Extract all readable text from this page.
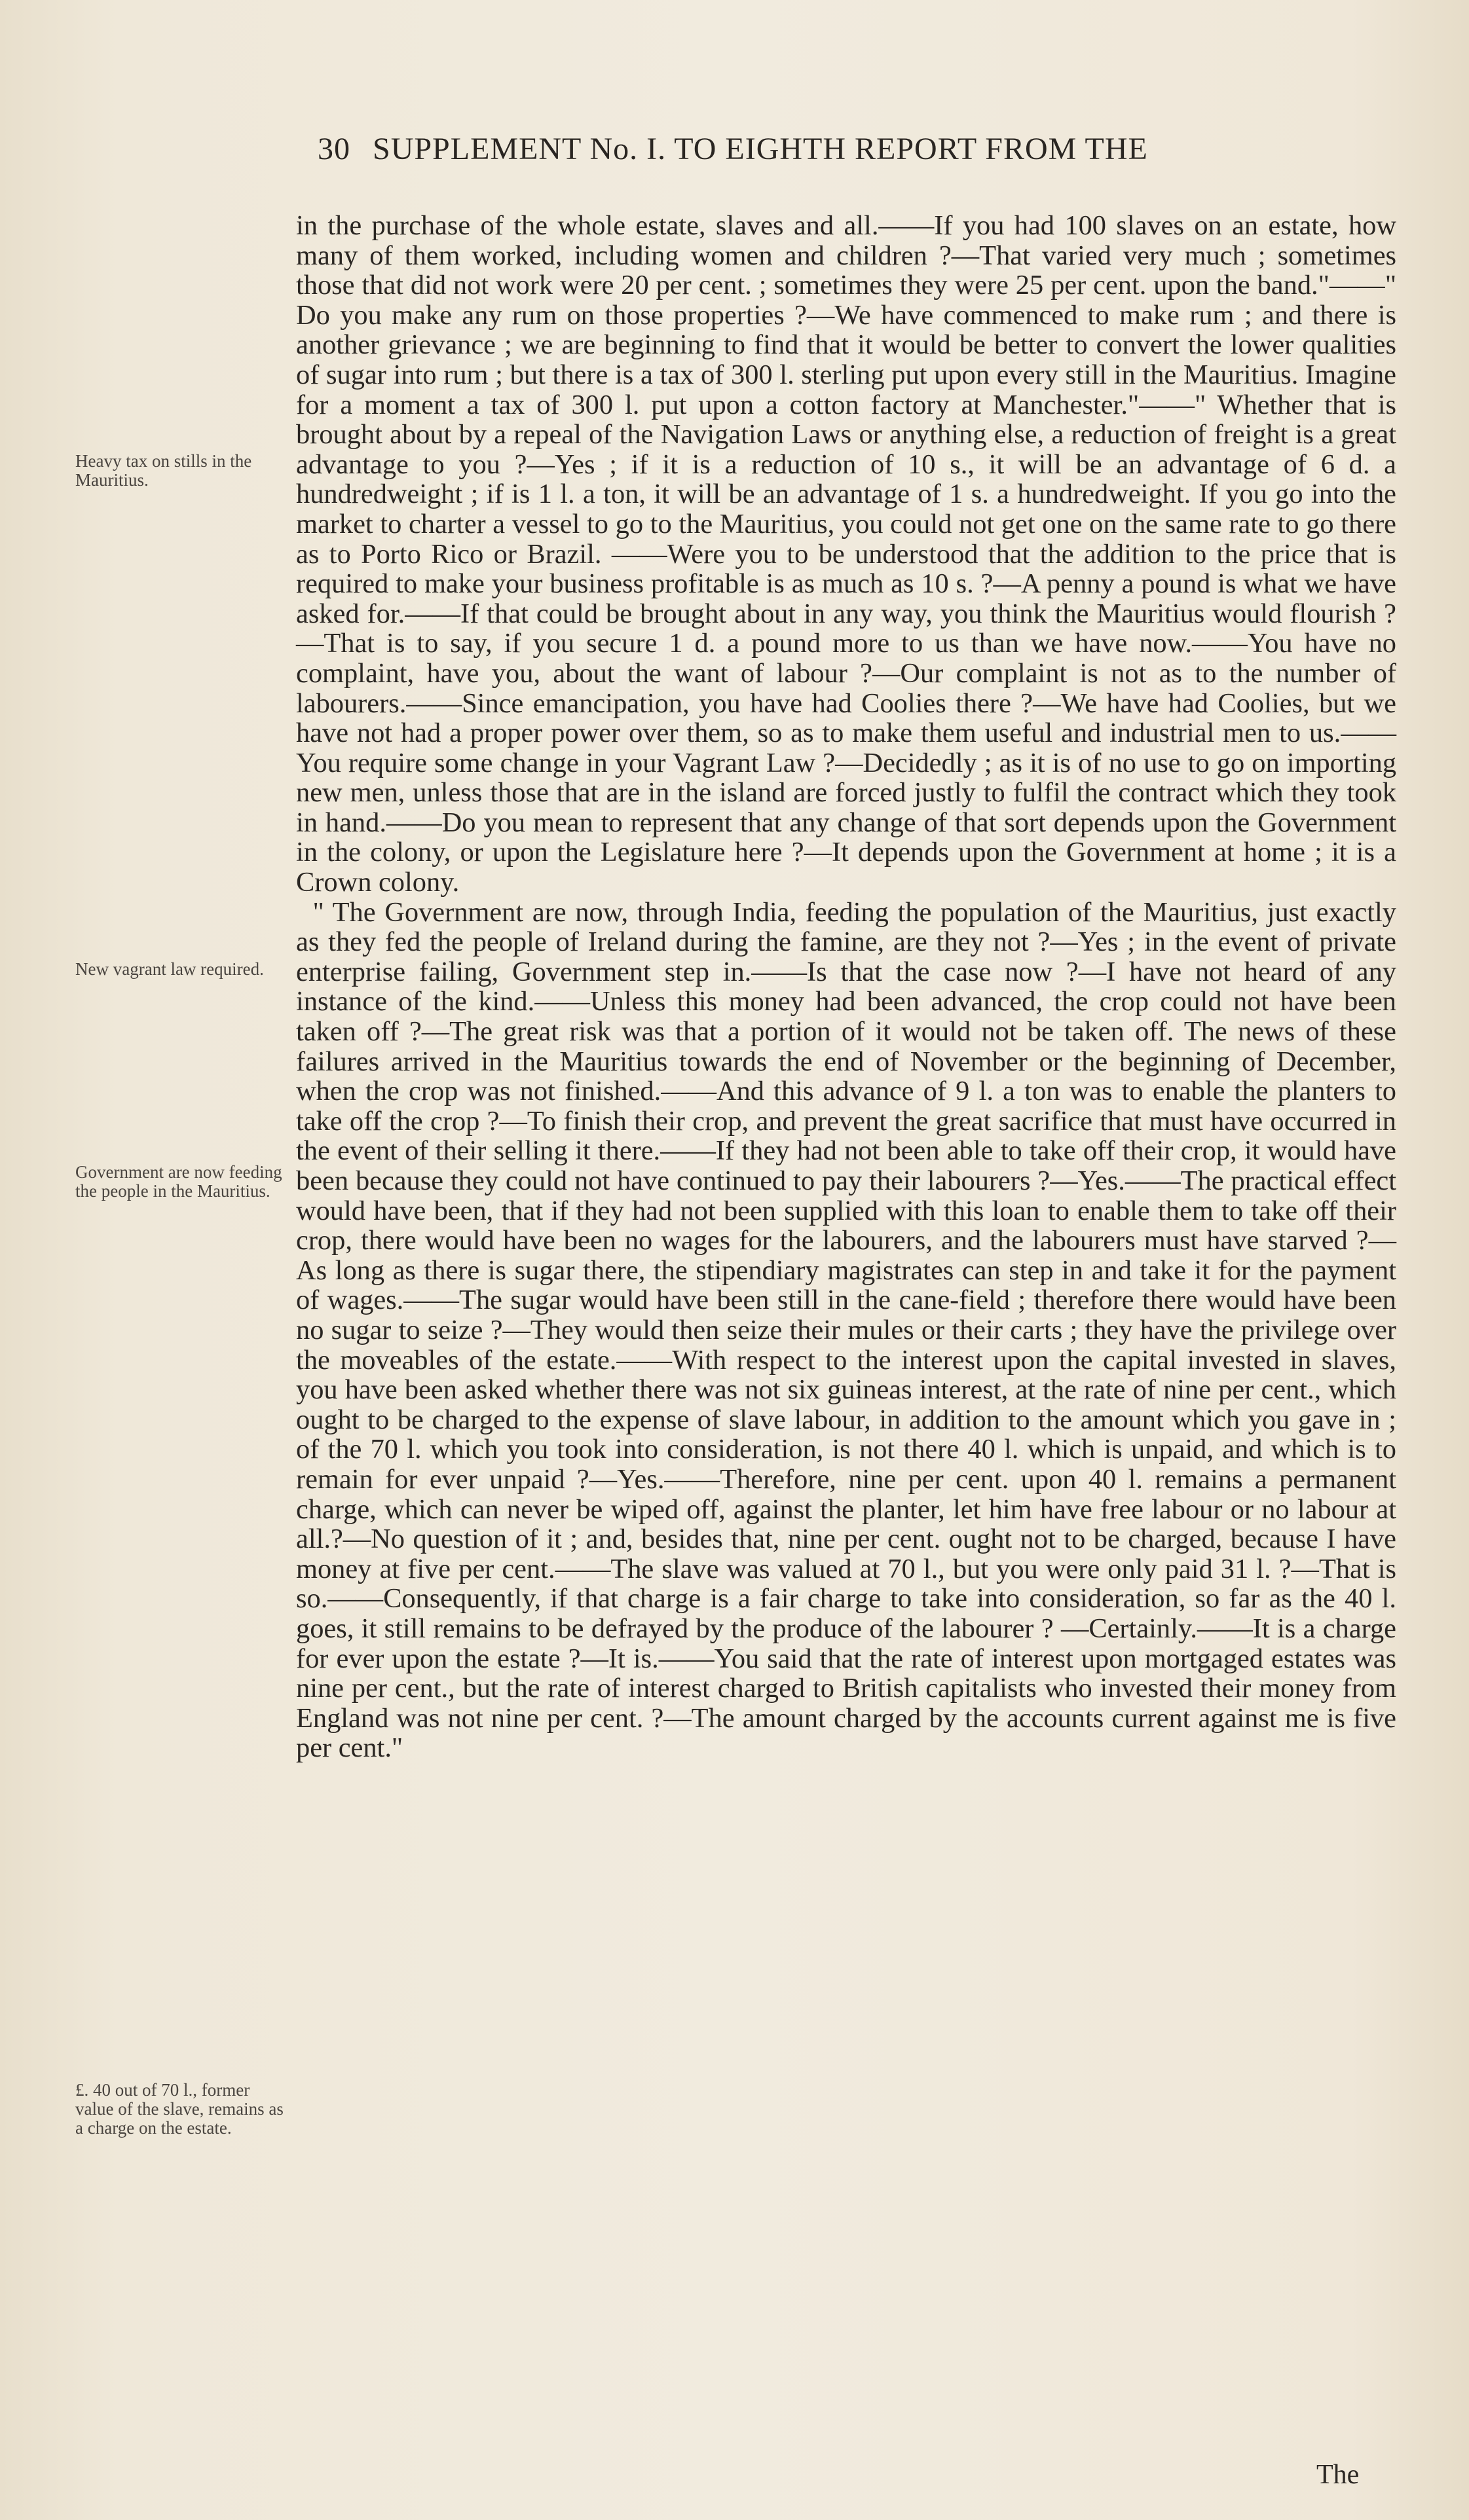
30 SUPPLEMENT No. I. TO EIGHTH REPORT FROM THE
Heavy tax on stills in the Mauritius.
New vagrant law required.
Government are now feeding the people in the Mauritius.
£. 40 out of 70 l., former value of the slave, remains as a charge on the estate.

in the purchase of the whole estate, slaves and all.——If you had 100 slaves on an estate, how many of them worked, including women and children ?—That varied very much ; sometimes those that did not work were 20 per cent. ; sometimes they were 25 per cent. upon the band."——" Do you make any rum on those properties ?—We have commenced to make rum ; and there is another grievance ; we are beginning to find that it would be better to convert the lower qualities of sugar into rum ; but there is a tax of 300 l. sterling put upon every still in the Mauritius. Imagine for a moment a tax of 300 l. put upon a cotton factory at Manchester."——" Whether that is brought about by a repeal of the Navigation Laws or anything else, a reduction of freight is a great advantage to you ?—Yes ; if it is a reduction of 10 s., it will be an advantage of 6 d. a hundredweight ; if is 1 l. a ton, it will be an advantage of 1 s. a hundredweight. If you go into the market to charter a vessel to go to the Mauritius, you could not get one on the same rate to go there as to Porto Rico or Brazil. ——Were you to be understood that the addition to the price that is required to make your business profitable is as much as 10 s. ?—A penny a pound is what we have asked for.——If that could be brought about in any way, you think the Mauritius would flourish ?—That is to say, if you secure 1 d. a pound more to us than we have now.——You have no complaint, have you, about the want of labour ?—Our complaint is not as to the number of labourers.——Since emancipation, you have had Coolies there ?—We have had Coolies, but we have not had a proper power over them, so as to make them useful and industrial men to us.——You require some change in your Vagrant Law ?—Decidedly ; as it is of no use to go on importing new men, unless those that are in the island are forced justly to fulfil the contract which they took in hand.——Do you mean to represent that any change of that sort depends upon the Government in the colony, or upon the Legislature here ?—It depends upon the Government at home ; it is a Crown colony.

" The Government are now, through India, feeding the population of the Mauritius, just exactly as they fed the people of Ireland during the famine, are they not ?—Yes ; in the event of private enterprise failing, Government step in.——Is that the case now ?—I have not heard of any instance of the kind.——Unless this money had been advanced, the crop could not have been taken off ?—The great risk was that a portion of it would not be taken off. The news of these failures arrived in the Mauritius towards the end of November or the beginning of December, when the crop was not finished.——And this advance of 9 l. a ton was to enable the planters to take off the crop ?—To finish their crop, and prevent the great sacrifice that must have occurred in the event of their selling it there.——If they had not been able to take off their crop, it would have been because they could not have continued to pay their labourers ?—Yes.——The practical effect would have been, that if they had not been supplied with this loan to enable them to take off their crop, there would have been no wages for the labourers, and the labourers must have starved ?—As long as there is sugar there, the stipendiary magistrates can step in and take it for the payment of wages.——The sugar would have been still in the cane-field ; therefore there would have been no sugar to seize ?—They would then seize their mules or their carts ; they have the privilege over the moveables of the estate.——With respect to the interest upon the capital invested in slaves, you have been asked whether there was not six guineas interest, at the rate of nine per cent., which ought to be charged to the expense of slave labour, in addition to the amount which you gave in ; of the 70 l. which you took into consideration, is not there 40 l. which is unpaid, and which is to remain for ever unpaid ?—Yes.——Therefore, nine per cent. upon 40 l. remains a permanent charge, which can never be wiped off, against the planter, let him have free labour or no labour at all.?—No question of it ; and, besides that, nine per cent. ought not to be charged, because I have money at five per cent.——The slave was valued at 70 l., but you were only paid 31 l. ?—That is so.——Consequently, if that charge is a fair charge to take into consideration, so far as the 40 l. goes, it still remains to be defrayed by the produce of the labourer ? —Certainly.——It is a charge for ever upon the estate ?—It is.——You said that the rate of interest upon mortgaged estates was nine per cent., but the rate of interest charged to British capitalists who invested their money from England was not nine per cent. ?—The amount charged by the accounts current against me is five per cent."

The
